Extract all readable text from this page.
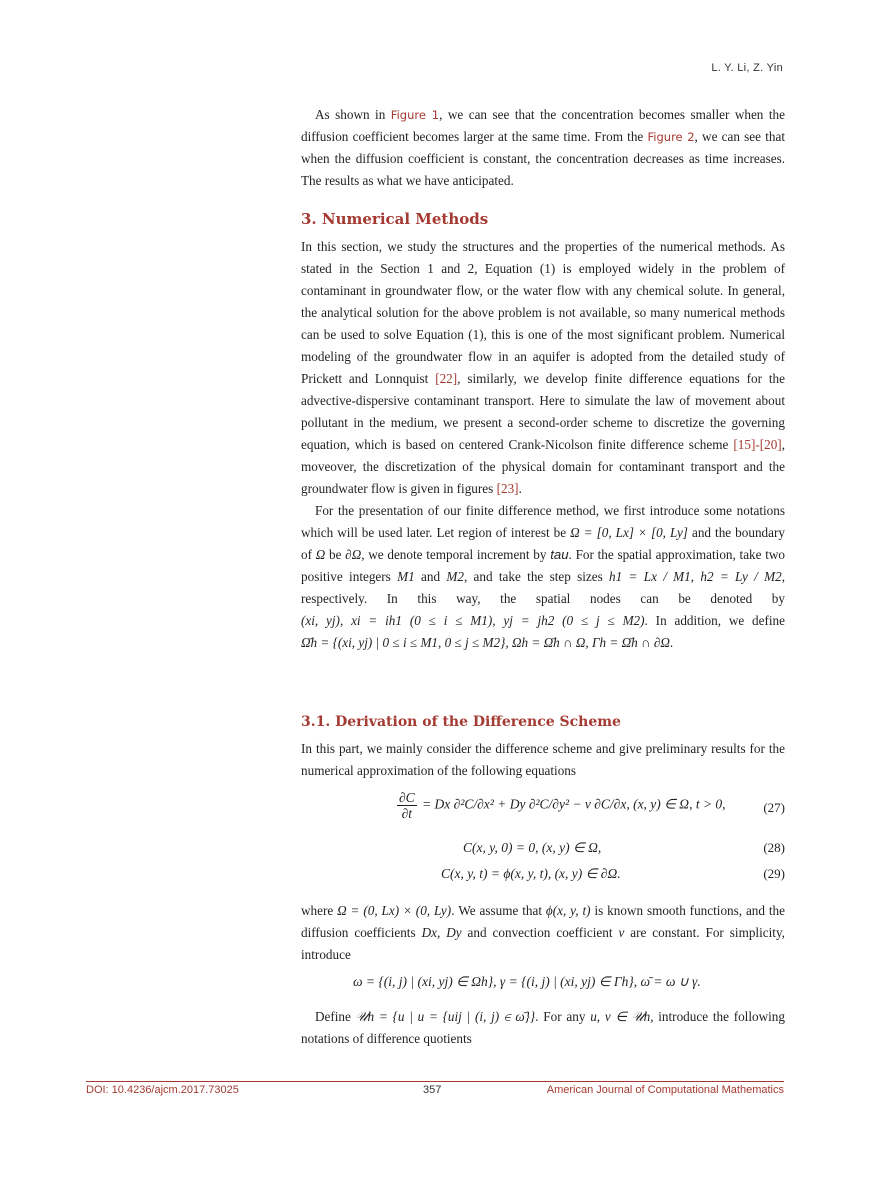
L. Y. Li, Z. Yin

As shown in Figure 1, we can see that the concentration becomes smaller when the diffusion coefficient becomes larger at the same time. From the Figure 2, we can see that when the diffusion coefficient is constant, the concentration decreases as time increases. The results as what we have anticipated.

3. Numerical Methods

In this section, we study the structures and the properties of the numerical methods. As stated in the Section 1 and 2, Equation (1) is employed widely in the problem of contaminant in groundwater flow, or the water flow with any chemical solute. In general, the analytical solution for the above problem is not available, so many numerical methods can be used to solve Equation (1), this is one of the most significant problem. Numerical modeling of the groundwater flow in an aquifer is adopted from the detailed study of Prickett and Lonnquist [22], similarly, we develop finite difference equations for the advective-dispersive contaminant transport. Here to simulate the law of movement about pollutant in the medium, we present a second-order scheme to discretize the governing equation, which is based on centered Crank-Nicolson finite difference scheme [15]-[20], moveover, the discretization of the physical domain for contaminant transport and the groundwater flow is given in figures [23].

For the presentation of our finite difference method, we first introduce some notations which will be used later. Let region of interest be Ω = [0, Lx] × [0, Ly] and the boundary of Ω be ∂Ω, we denote temporal increment by tau. For the spatial approximation, take two positive integers M1 and M2, and take the step sizes h1 = Lx / M1, h2 = Ly / M2, respectively. In this way, the spatial nodes can be denoted by (xi, yj), xi = ih1 (0 ≤ i ≤ M1), yj = jh2 (0 ≤ j ≤ M2). In addition, we define Ω̄h = {(xi, yj) | 0 ≤ i ≤ M1, 0 ≤ j ≤ M2}, Ωh = Ω̄h ∩ Ω, Γh = Ω̄h ∩ ∂Ω.

3.1. Derivation of the Difference Scheme

In this part, we mainly consider the difference scheme and give preliminary results for the numerical approximation of the following equations

$\frac{\partial C}{\partial t} = Dx$ ∂²C/∂x² + Dy ∂²C/∂y² − v ∂C/∂x, (x, y) ∈ Ω, t > 0,	(27)
C(x, y, 0) = 0, (x, y) ∈ Ω,	(28)
C(x, y, t) = ϕ(x, y, t), (x, y) ∈ ∂Ω.	(29)

where Ω = (0, Lx) × (0, Ly). We assume that ϕ(x, y, t) is known smooth functions, and the diffusion coefficients Dx, Dy and convection coefficient v are constant. For simplicity, introduce

ω = {(i, j) | (xi, yj) ∈ Ωh}, γ = {(i, j) | (xi, yj) ∈ Γh}, ω̄ = ω ∪ γ.

Define 𝒰h = {u | u = {uij | (i, j) ∈ ω̄}}. For any u, v ∈ 𝒰h, introduce the following notations of difference quotients

DOI: 10.4236/ajcm.2017.73025	357	American Journal of Computational Mathematics
